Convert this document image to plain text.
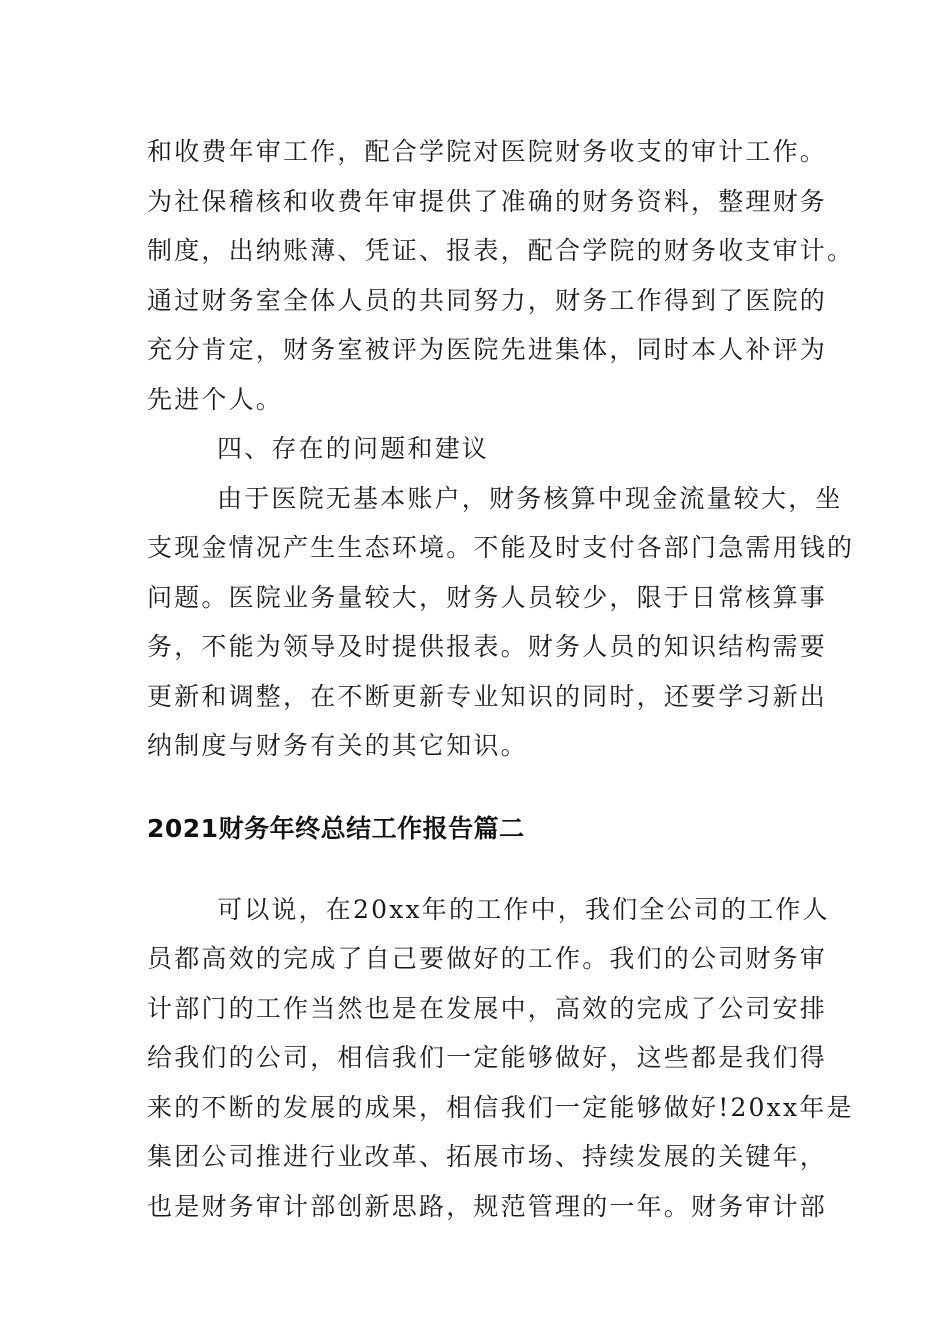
和收费年审工作，配合学院对医院财务收支的审计工作。
为社保稽核和收费年审提供了准确的财务资料，整理财务
制度，出纳账薄、凭证、报表，配合学院的财务收支审计。
通过财务室全体人员的共同努力，财务工作得到了医院的
充分肯定，财务室被评为医院先进集体，同时本人补评为
先进个人。
四、存在的问题和建议
由于医院无基本账户，财务核算中现金流量较大，坐
支现金情况产生生态环境。不能及时支付各部门急需用钱的
问题。医院业务量较大，财务人员较少，限于日常核算事
务，不能为领导及时提供报表。财务人员的知识结构需要
更新和调整，在不断更新专业知识的同时，还要学习新出
纳制度与财务有关的其它知识。
2021财务年终总结工作报告篇二
可以说，在20xx年的工作中，我们全公司的工作人
员都高效的完成了自己要做好的工作。我们的公司财务审
计部门的工作当然也是在发展中，高效的完成了公司安排
给我们的公司，相信我们一定能够做好，这些都是我们得
来的不断的发展的成果，相信我们一定能够做好!20xx年是
集团公司推进行业改革、拓展市场、持续发展的关键年，
也是财务审计部创新思路，规范管理的一年。财务审计部
